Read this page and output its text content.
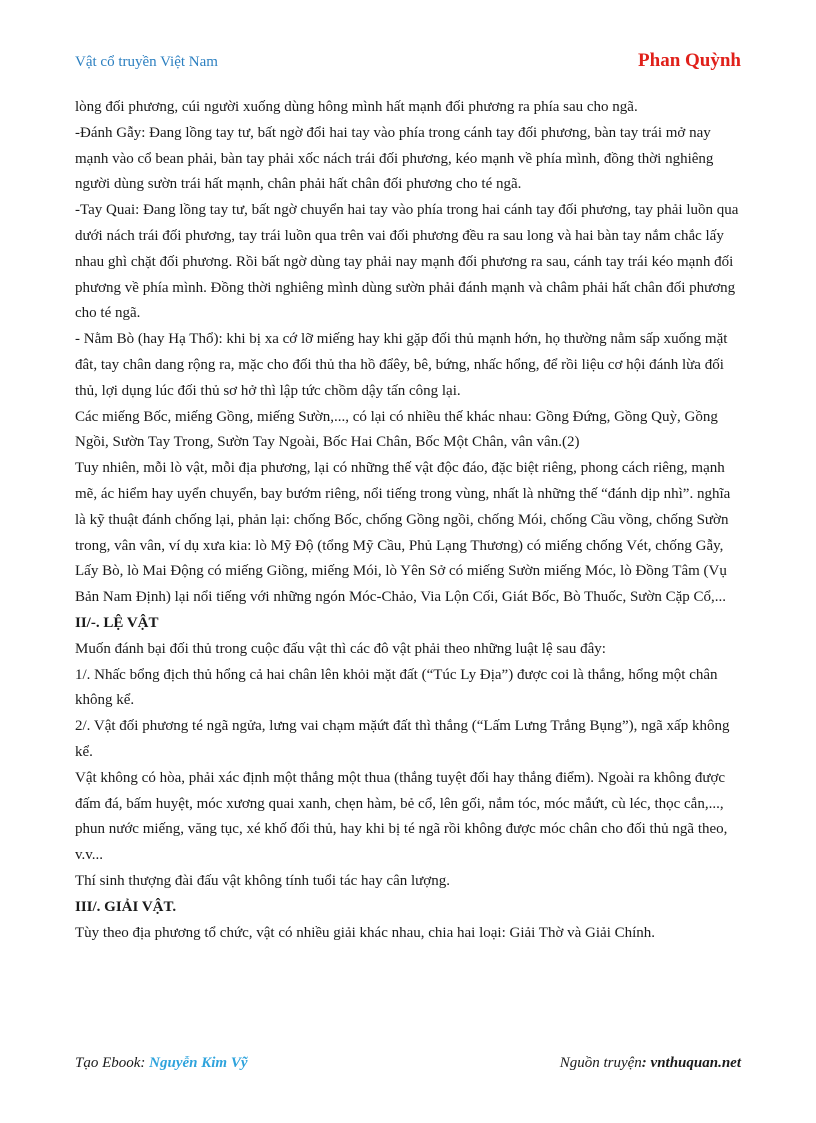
Vật cổ truyền Việt Nam	Phan Quỳnh

lòng đối phương, cúi người xuống dùng hông mình hất mạnh đối phương ra phía sau cho ngã.

-Đánh Gẫy: Đang lồng tay tư, bất ngờ đổi hai tay vào phía trong cánh tay đối phương, bàn tay trái mở nay mạnh vào cổ bean phải, bàn tay phải xốc nách trái đối phương, kéo mạnh về phía mình, đồng thời nghiêng người dùng sườn trái hất mạnh, chân phải hất chân đối phương cho té ngã.

-Tay Quai: Đang lồng tay tư, bất ngờ chuyển hai tay vào phía trong hai cánh tay đối phương, tay phải luồn qua dưới nách trái đối phương, tay trái luồn qua trên vai đối phương đều ra sau long và hai bàn tay nắm chắc lấy nhau ghì chặt đối phương. Rồi bất ngờ dùng tay phải nay mạnh đối phương ra sau, cánh tay trái kéo mạnh đối phương về phía mình. Đồng thời nghiêng mình dùng sườn phải đánh mạnh và châm phải hất chân đối phương cho té ngã.

- Nằm Bò (hay Hạ Thổ): khi bị xa cớ lỡ miếng hay khi gặp đối thủ mạnh hớn, họ thường nằm sấp xuống mặt đât, tay chân dang rộng ra, mặc cho đối thủ tha hồ đẩêy, bê, bứng, nhấc hổng, để rồi liệu cơ hội đánh lừa đối thủ, lợi dụng lúc đối thủ sơ hở thì lập tức chồm dậy tấn công lại.

Các miếng Bốc, miếng Gồng, miếng Sườn,..., có lại có nhiều thế khác nhau: Gồng Đứng, Gồng Quỳ, Gồng Ngồi, Sườn Tay Trong, Sườn Tay Ngoài, Bốc Hai Chân, Bốc Một Chân, vân vân.(2)

Tuy nhiên, mỗi lò vật, mỗi địa phương, lại có những thế vật độc đáo, đặc biệt riêng, phong cách riêng, mạnh mẽ, ác hiểm hay uyển chuyển, bay bướm riêng, nổi tiếng trong vùng, nhất là những thế “đánh dịp nhì”. nghĩa là kỹ thuật đánh chống lại, phản lại: chống Bốc, chống Gồng ngồi, chống Mói, chống Cầu vồng, chống Sườn trong, vân vân, ví dụ xưa kia: lò Mỹ Độ (tổng Mỹ Cầu, Phủ Lạng Thương) có miếng chống Vét, chống Gẫy, Lấy Bò, lò Mai Động có miếng Giồng, miếng Mói, lò Yên Sở có miếng Sườn miếng Móc, lò Đồng Tâm (Vụ Bản Nam Định) lại nổi tiếng với những ngón Móc-Chảo, Via Lộn Cối, Giát Bốc, Bò Thuốc, Sườn Cặp Cổ,...

II/-. LỆ VẬT

Muốn đánh bại đối thủ trong cuộc đấu vật thì các đô vật phải theo những luật lệ sau đây:

1/. Nhấc bổng địch thủ hổng cả hai chân lên khỏi mặt đất (“Túc Ly Địa”) được coi là thắng, hổng một chân không kể.

2/. Vật đối phương té ngã ngửa, lưng vai chạm mặứt đất thì thắng (“Lấm Lưng Trắng Bụng”), ngã xấp không kể.

Vật không có hòa, phải xác định một thắng một thua (thắng tuyệt đối hay thắng điểm). Ngoài ra không được đấm đá, bấm huyệt, móc xương quai xanh, chẹn hàm, bẻ cổ, lên gối, nắm tóc, móc mắứt, cù léc, thọc cắn,..., phun nước miếng, văng tục, xé khố đối thủ, hay khi bị té ngã rồi không được móc chân cho đối thủ ngã theo, v.v...

Thí sinh thượng đài đấu vật không tính tuổi tác hay cân lượng.

III/. GIẢI VẬT.

Tùy theo địa phương tổ chức, vật có nhiều giải khác nhau, chia hai loại: Giải Thờ và Giải Chính.

Tạo Ebook: Nguyễn Kim Vỹ	Nguồn truyện: vnthuquan.net
